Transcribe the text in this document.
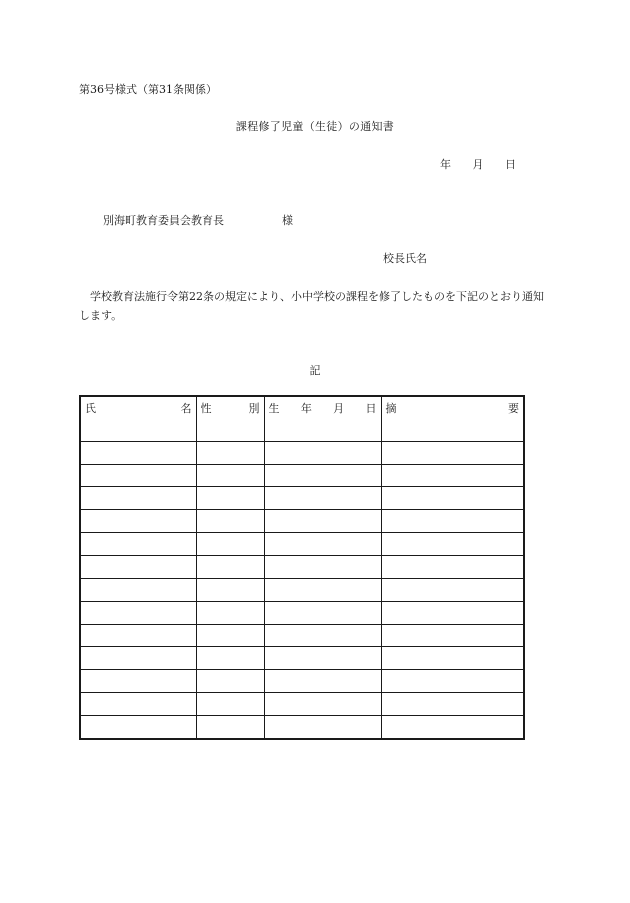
第36号様式（第31条関係）
課程修了児童（生徒）の通知書
年 月 日
別海町教育委員会教育長	様
校長氏名
学校教育法施行令第22条の規定により、小中学校の課程を修了したものを下記のとおり通知します。
記
氏 名	性 別	生 年 月 日	摘 要
